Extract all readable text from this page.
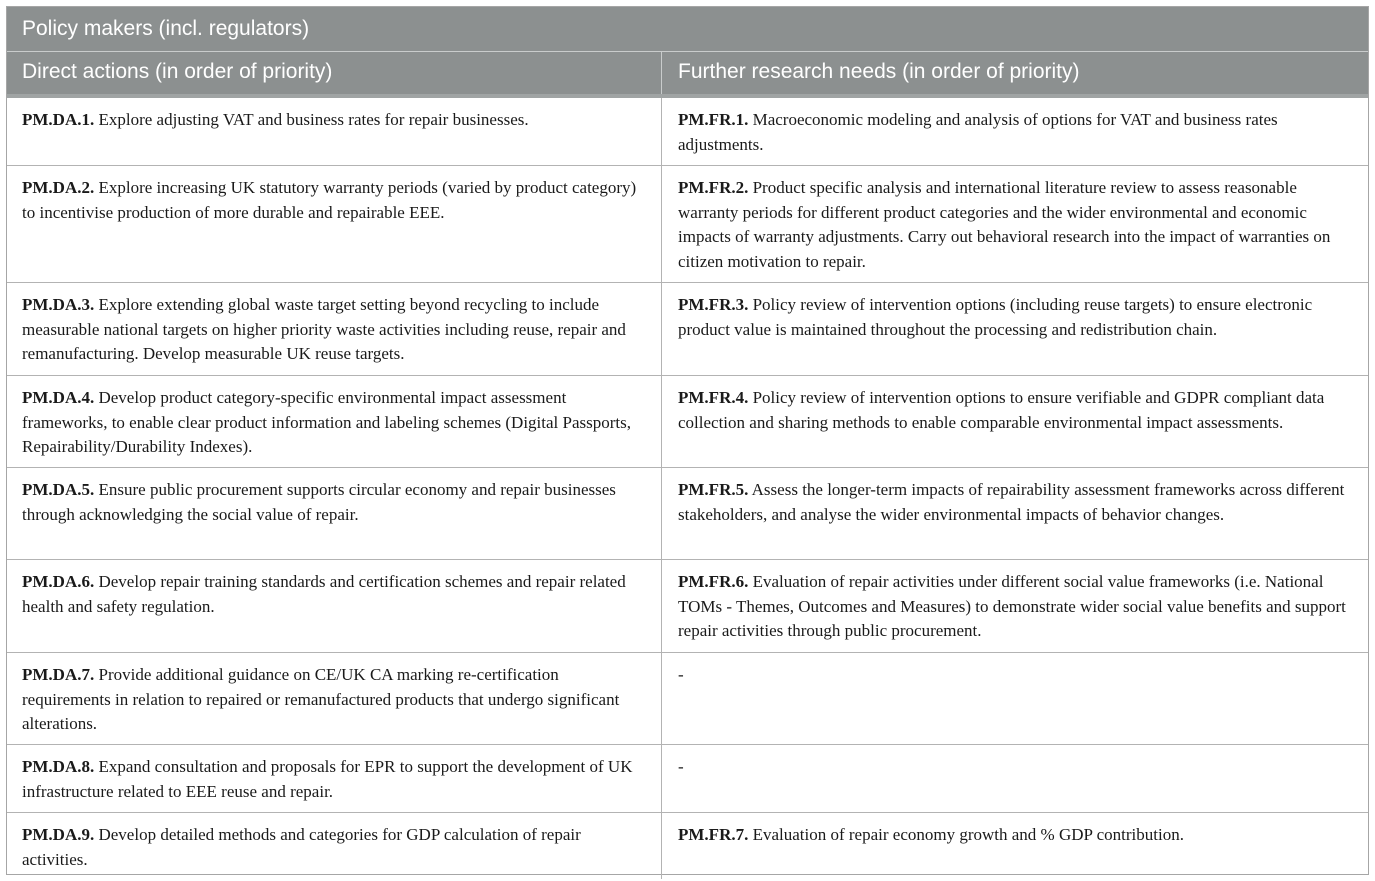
Policy makers (incl. regulators)
Direct actions (in order of priority)	Further research needs (in order of priority)
PM.DA.1. Explore adjusting VAT and business rates for repair businesses.	PM.FR.1. Macroeconomic modeling and analysis of options for VAT and business rates adjustments.
PM.DA.2. Explore increasing UK statutory warranty periods (varied by product category) to incentivise production of more durable and repairable EEE.
PM.FR.2. Product specific analysis and international literature review to assess reasonable warranty periods for different product categories and the wider environmental and economic impacts of warranty adjustments. Carry out behavioral research into the impact of warranties on citizen motivation to repair.
PM.DA.3. Explore extending global waste target setting beyond recycling to include measurable national targets on higher priority waste activities including reuse, repair and remanufacturing. Develop measurable UK reuse targets.
PM.FR.3. Policy review of intervention options (including reuse targets) to ensure electronic product value is maintained throughout the processing and redistribution chain.
PM.DA.4. Develop product category-specific environmental impact assessment frameworks, to enable clear product information and labeling schemes (Digital Passports, Repairability/Durability Indexes).
PM.FR.4. Policy review of intervention options to ensure verifiable and GDPR compliant data collection and sharing methods to enable comparable environmental impact assessments.
PM.DA.5. Ensure public procurement supports circular economy and repair businesses through acknowledging the social value of repair.
PM.FR.5. Assess the longer-term impacts of repairability assessment frameworks across different stakeholders, and analyse the wider environmental impacts of behavior changes.
PM.DA.6. Develop repair training standards and certification schemes and repair related health and safety regulation.
PM.FR.6. Evaluation of repair activities under different social value frameworks (i.e. National TOMs - Themes, Outcomes and Measures) to demonstrate wider social value benefits and support repair activities through public procurement.
PM.DA.7. Provide additional guidance on CE/UK CA marking re-certification requirements in relation to repaired or remanufactured products that undergo significant alterations.
-
PM.DA.8. Expand consultation and proposals for EPR to support the development of UK infrastructure related to EEE reuse and repair.
-
PM.DA.9. Develop detailed methods and categories for GDP calculation of repair activities.
PM.FR.7. Evaluation of repair economy growth and % GDP contribution.
